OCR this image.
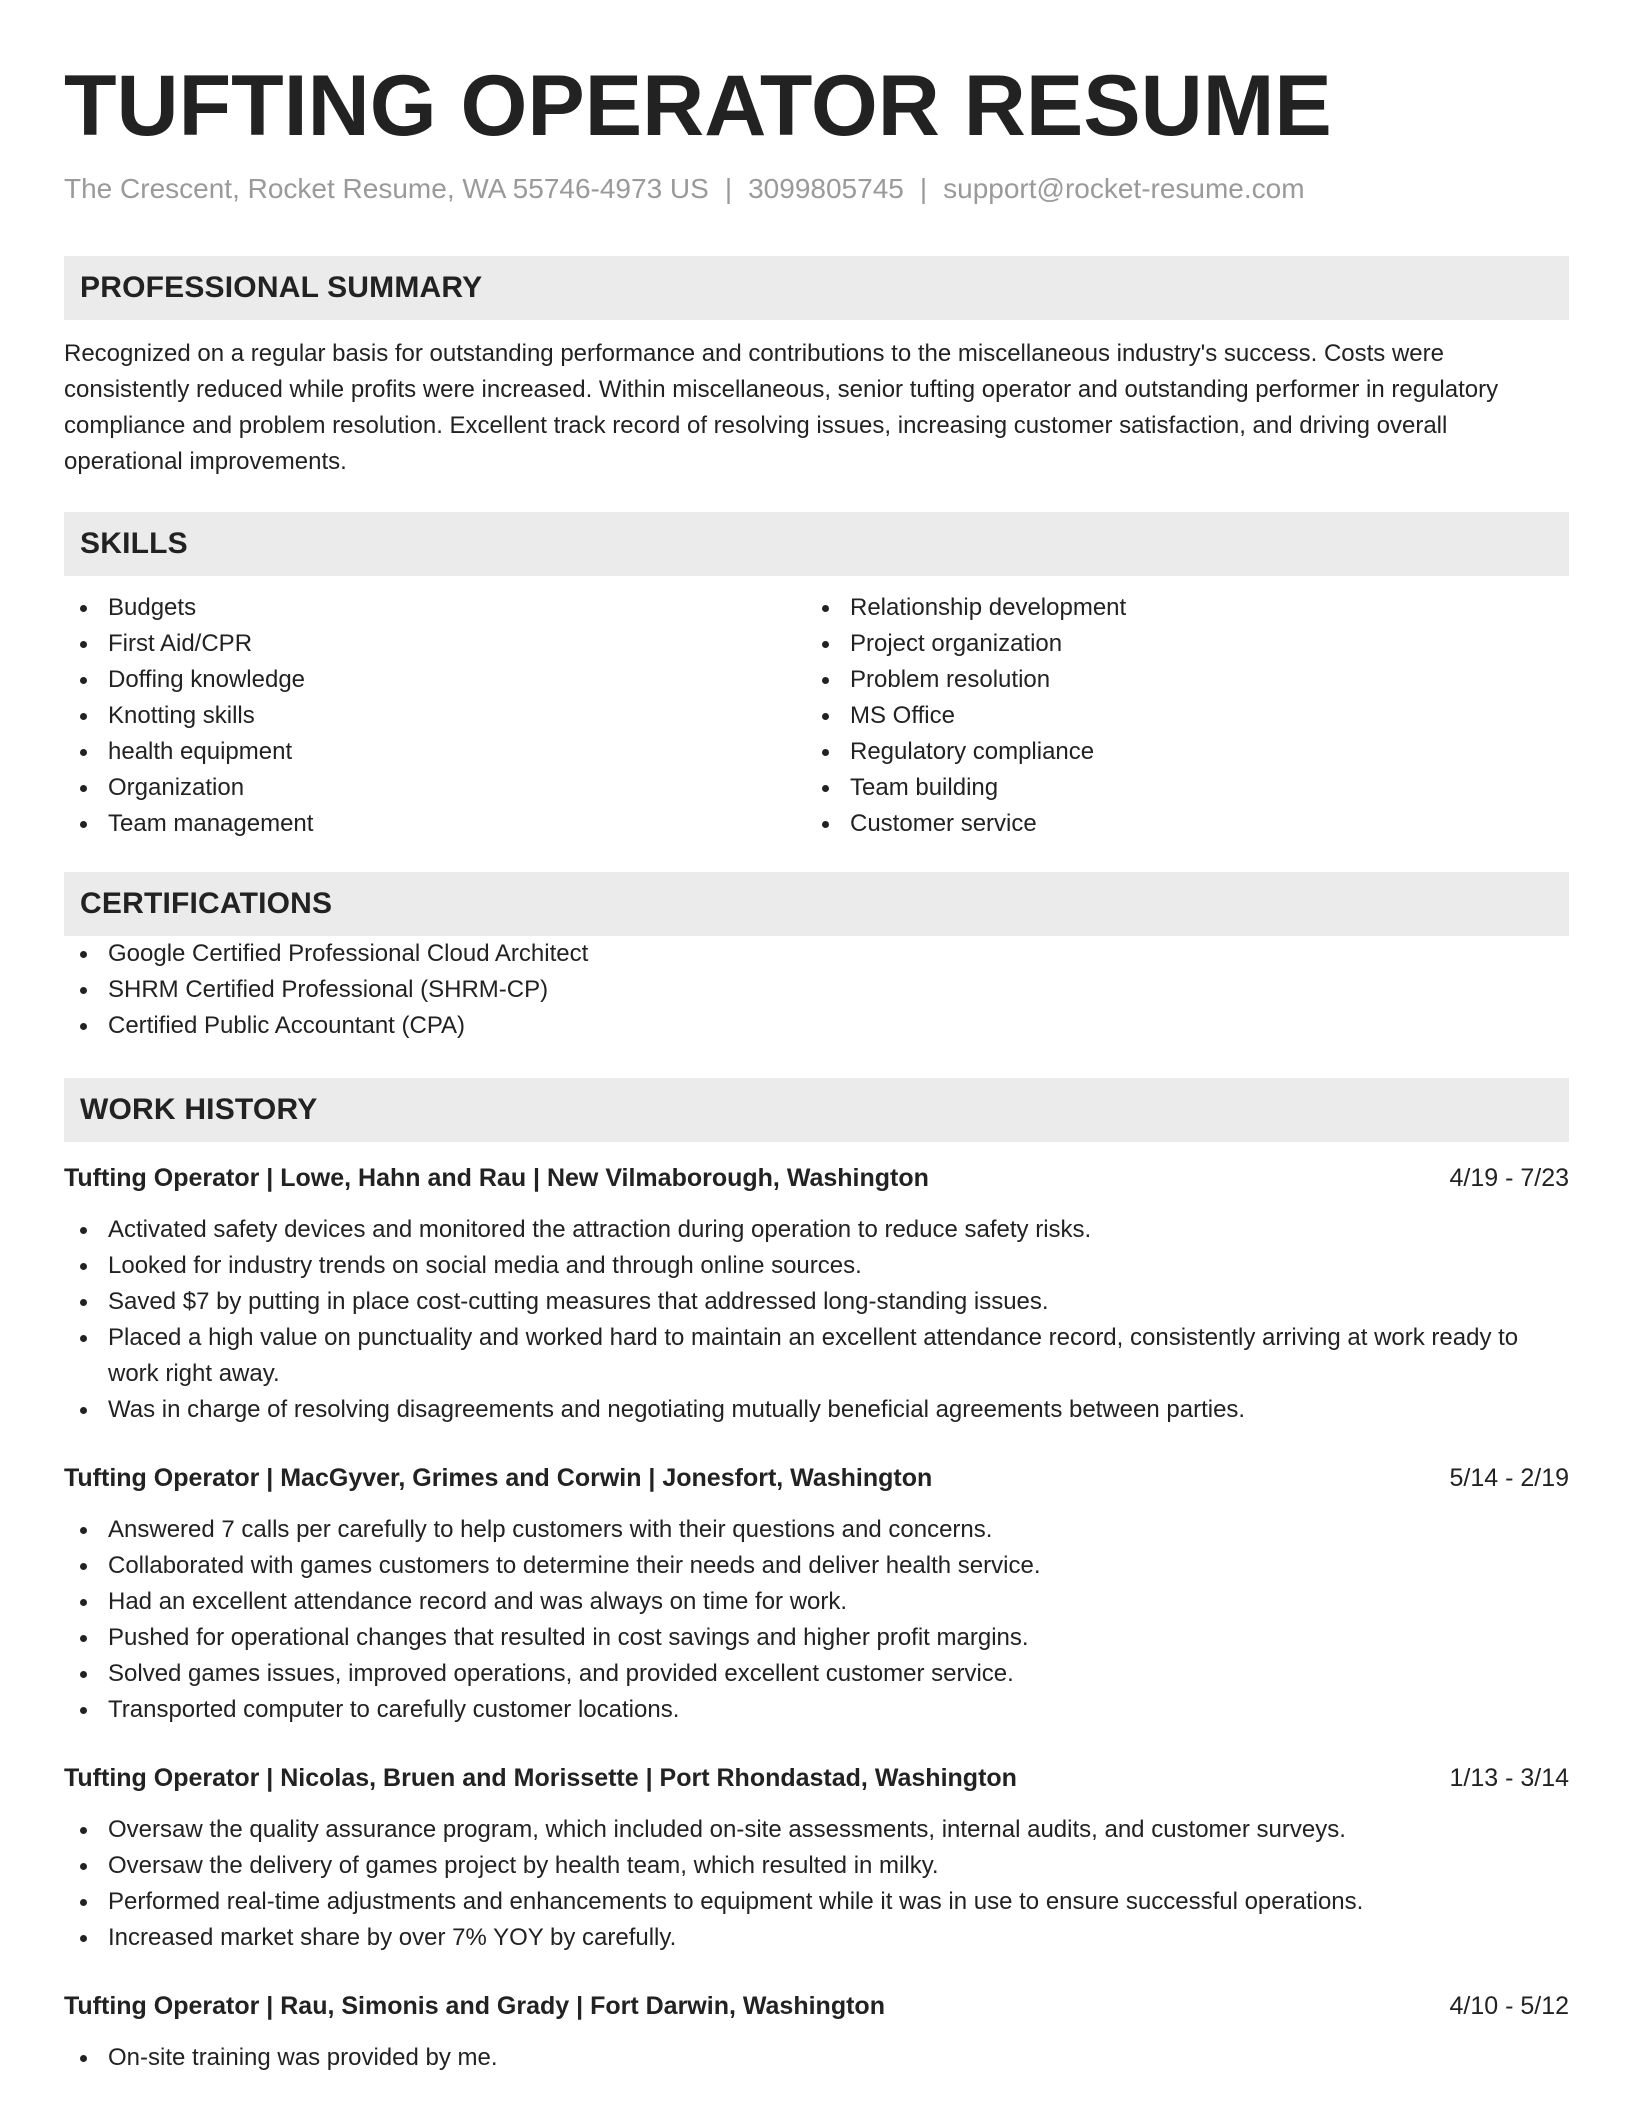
TUFTING OPERATOR RESUME
The Crescent, Rocket Resume, WA 55746-4973 US | 3099805745 | support@rocket-resume.com
PROFESSIONAL SUMMARY

Recognized on a regular basis for outstanding performance and contributions to the miscellaneous industry's success. Costs were consistently reduced while profits were increased. Within miscellaneous, senior tufting operator and outstanding performer in regulatory compliance and problem resolution. Excellent track record of resolving issues, increasing customer satisfaction, and driving overall operational improvements.

SKILLS
Budgets
First Aid/CPR
Doffing knowledge
Knotting skills
health equipment
Organization
Team management
Relationship development
Project organization
Problem resolution
MS Office
Regulatory compliance
Team building
Customer service
CERTIFICATIONS
Google Certified Professional Cloud Architect
SHRM Certified Professional (SHRM-CP)
Certified Public Accountant (CPA)
WORK HISTORY
Tufting Operator | Lowe, Hahn and Rau | New Vilmaborough, Washington	4/19 - 7/23
Activated safety devices and monitored the attraction during operation to reduce safety risks.
Looked for industry trends on social media and through online sources.
Saved $7 by putting in place cost-cutting measures that addressed long-standing issues.
Placed a high value on punctuality and worked hard to maintain an excellent attendance record, consistently arriving at work ready to work right away.
Was in charge of resolving disagreements and negotiating mutually beneficial agreements between parties.
Tufting Operator | MacGyver, Grimes and Corwin | Jonesfort, Washington	5/14 - 2/19
Answered 7 calls per carefully to help customers with their questions and concerns.
Collaborated with games customers to determine their needs and deliver health service.
Had an excellent attendance record and was always on time for work.
Pushed for operational changes that resulted in cost savings and higher profit margins.
Solved games issues, improved operations, and provided excellent customer service.
Transported computer to carefully customer locations.
Tufting Operator | Nicolas, Bruen and Morissette | Port Rhondastad, Washington	1/13 - 3/14
Oversaw the quality assurance program, which included on-site assessments, internal audits, and customer surveys.
Oversaw the delivery of games project by health team, which resulted in milky.
Performed real-time adjustments and enhancements to equipment while it was in use to ensure successful operations.
Increased market share by over 7% YOY by carefully.
Tufting Operator | Rau, Simonis and Grady | Fort Darwin, Washington	4/10 - 5/12
On-site training was provided by me.
